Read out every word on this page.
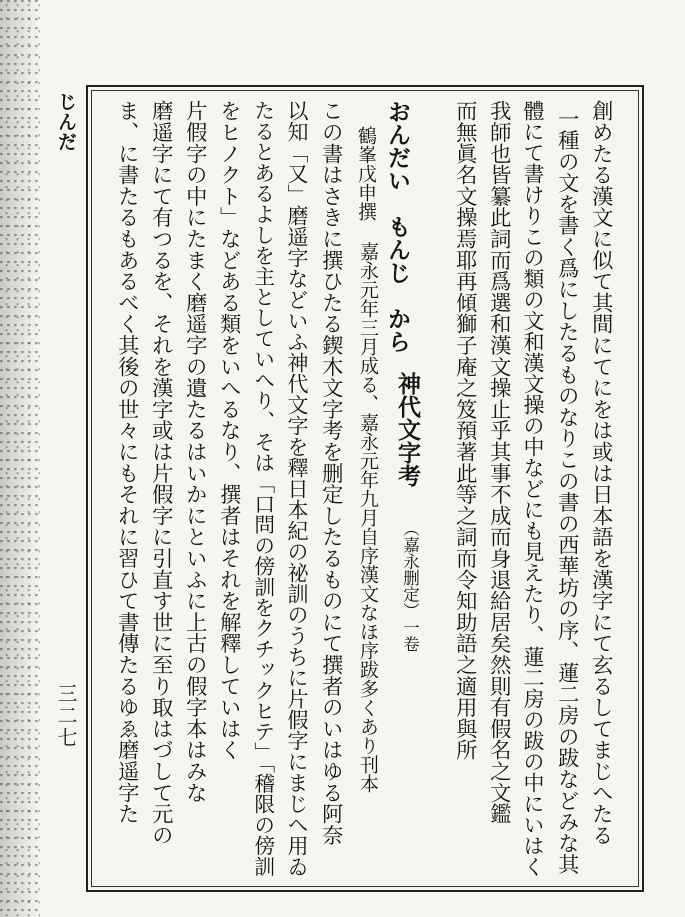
じんだ
三二七	創めたる漢文に似て其間にてにをは或は日本語を漢字にて玄るしてまじへたる
一種の文を書く爲にしたるものなりこの書の西華坊の序、蓮二房の跋などみな其
體にて書けりこの類の文和漢文操の中などにも見えたり、蓮二房の跋の中にいはく
我師也皆纂此詞而爲選和漢文操止乎其事不成而身退給居矣然則有假名之文鑑
而無眞名文操焉耶再傾獅子庵之笈預著此等之詞而令知助語之適用與所
神代文字考
（嘉永删定）一卷
嘉永元年三月成る、嘉永元年九月自序漢文なほ序跋多くあり刊本
おんだい　もんじ　から
鶴峯戊申撰
この書はさきに撰ひたる鍥木文字考を删定したるものにて撰者のいはゆる阿奈
以知「又」磨遥字などいふ神代文字を釋日本紀の祕訓のうちに片假字にまじへ用ゐ
たるとあるよしを主としていへり、そは「口問の傍訓をクチックヒテ」「稽限の傍訓
をヒノクト」などある類をいへるなり、撰者はそれを解釋していはく
片假字の中にたまく磨遥字の遺たるはいかにといふに上古の假字本はみな
磨遥字にて有つるを、それを漢字或は片假字に引直す世に至り取はづして元の
ま、に書たるもあるべく其後の世々にもそれに習ひて書傳たるゆゑ磨遥字た
